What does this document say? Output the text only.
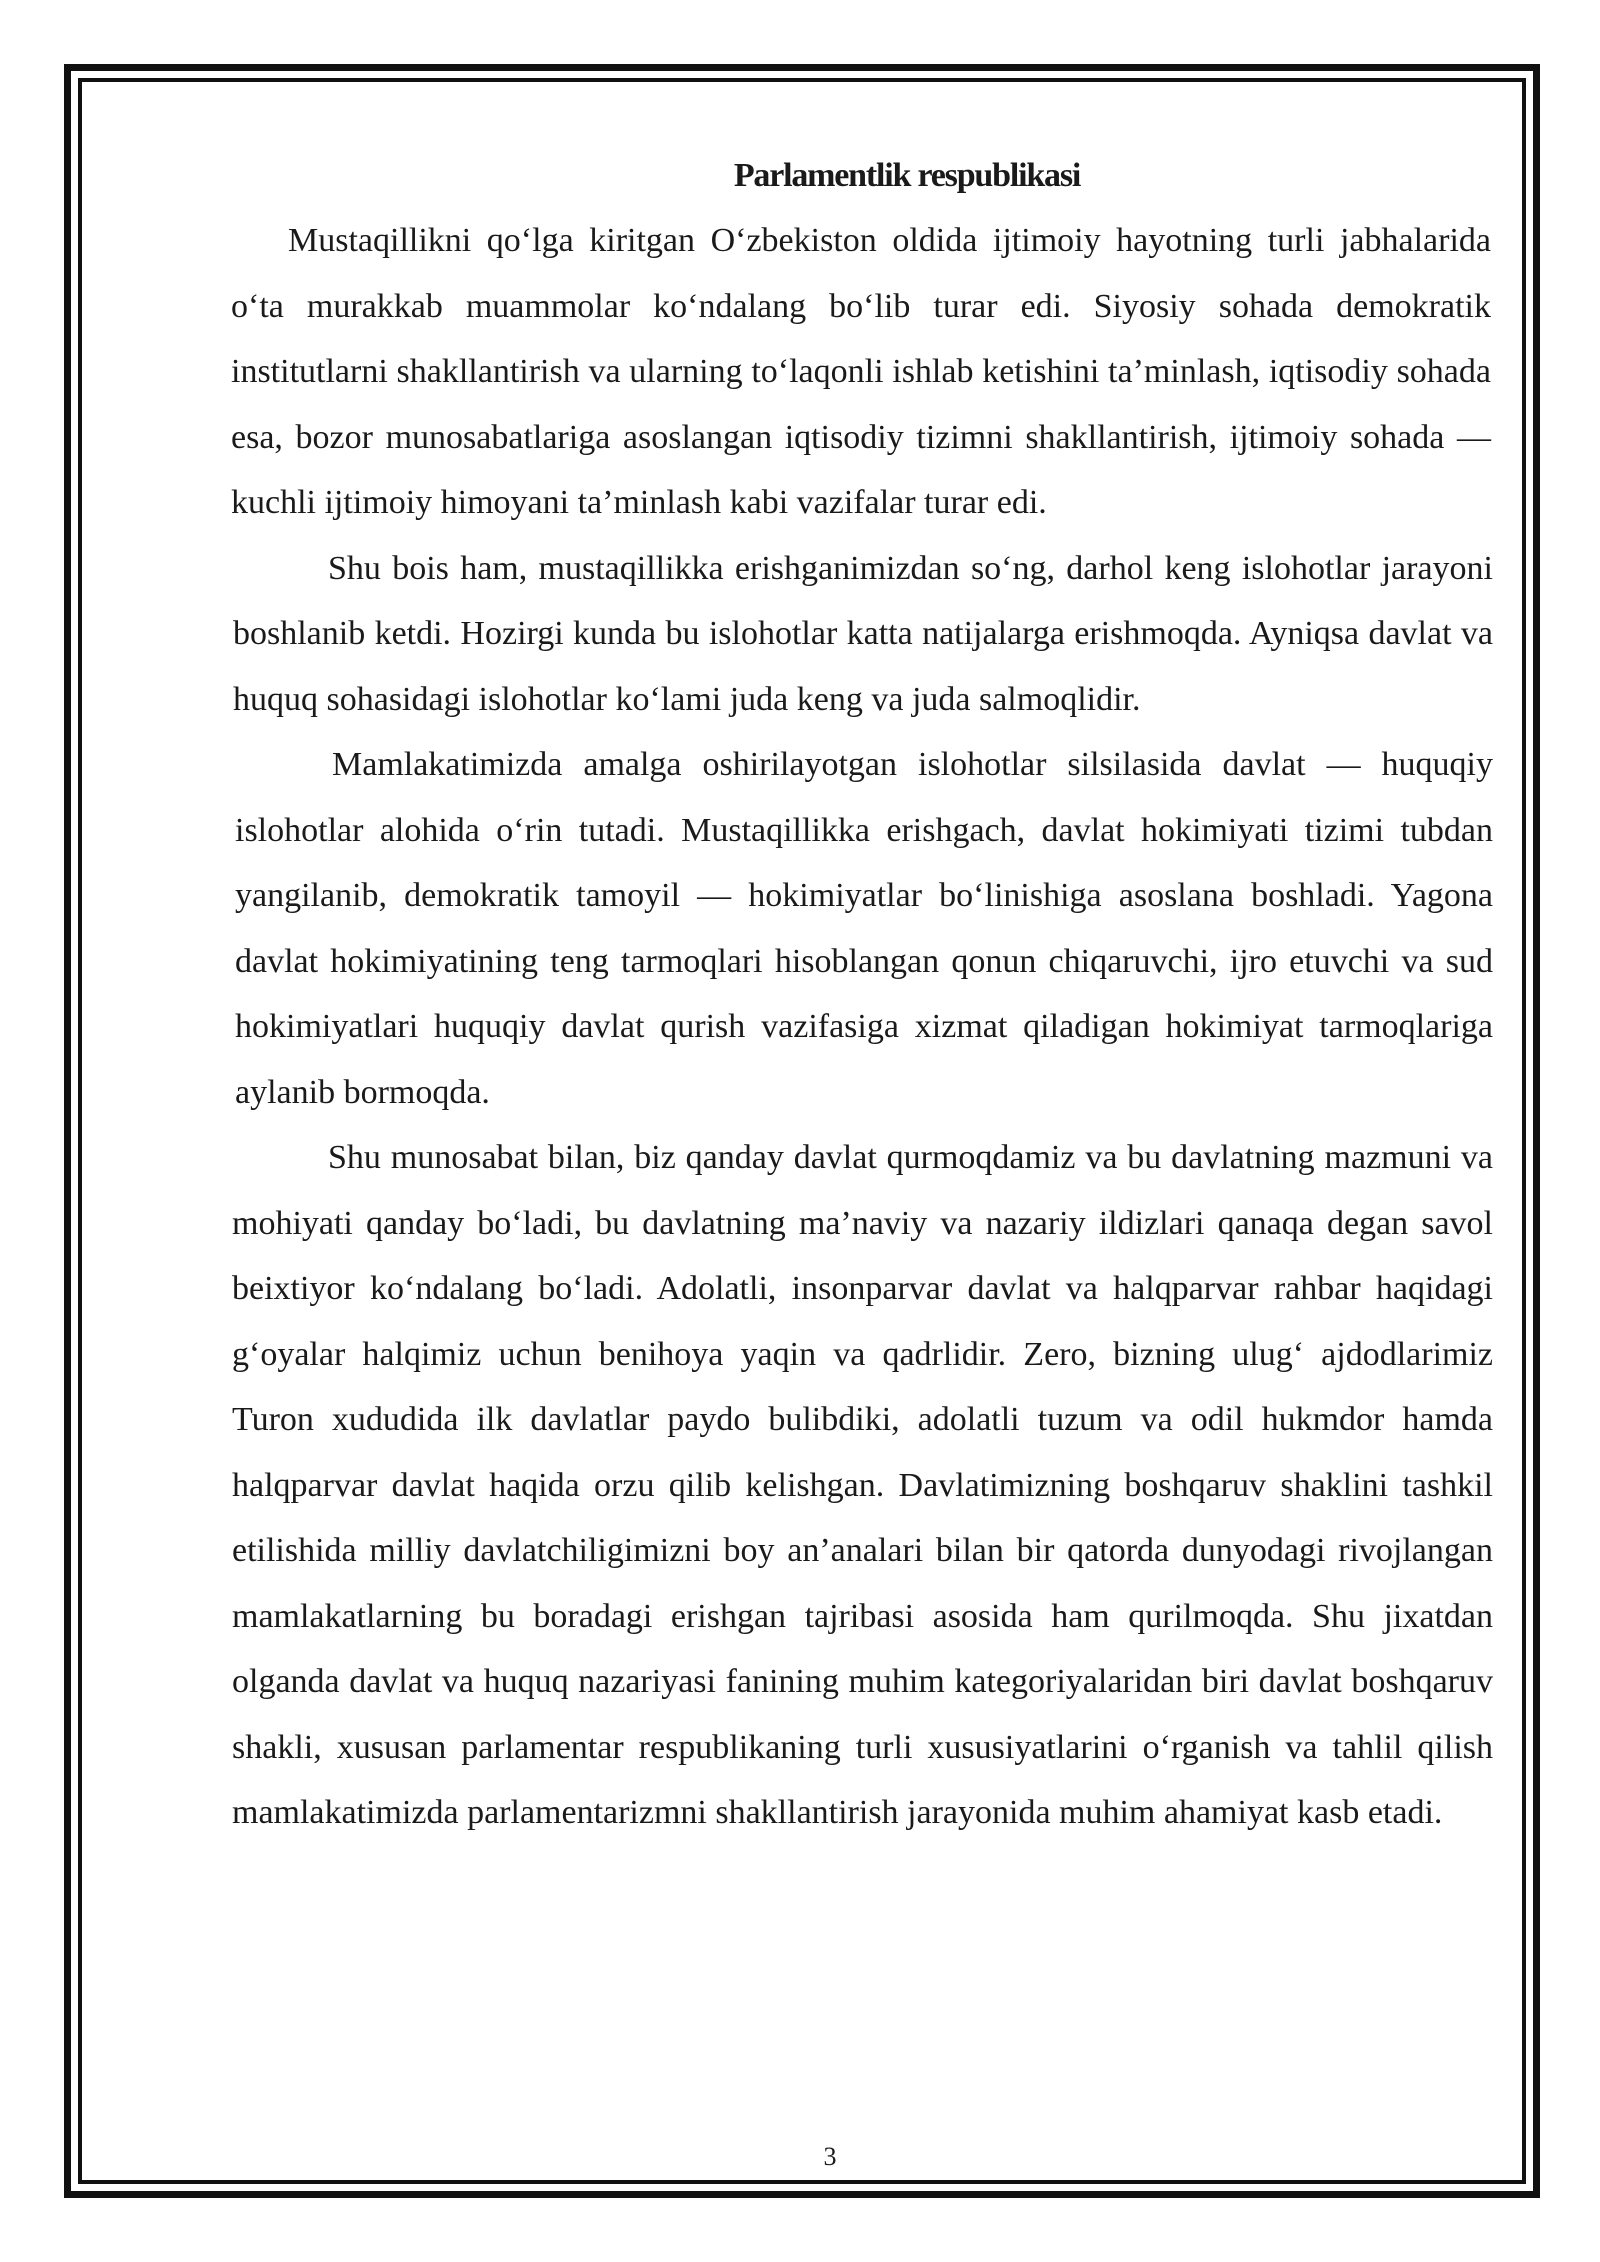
Parlamentlik respublikasi

Mustaqillikni qo‘lga kiritgan O‘zbekiston oldida ijtimoiy hayotning turli jabhalarida o‘ta murakkab muammolar ko‘ndalang bo‘lib turar edi. Siyosiy sohada demokratik institutlarni shakllantirish va ularning to‘laqonli ishlab ketishini ta’minlash, iqtisodiy sohada esa, bozor munosabatlariga asoslangan iqtisodiy tizimni shakllantirish, ijtimoiy sohada — kuchli ijtimoiy himoyani ta’minlash kabi vazifalar turar edi.

Shu bois ham, mustaqillikka erishganimizdan so‘ng, darhol keng islohotlar jarayoni boshlanib ketdi. Hozirgi kunda bu islohotlar katta natijalarga erishmoqda. Ayniqsa davlat va huquq sohasidagi islohotlar ko‘lami juda keng va juda salmoqlidir.

Mamlakatimizda amalga oshirilayotgan islohotlar silsilasida davlat — huquqiy islohotlar alohida o‘rin tutadi. Mustaqillikka erishgach, davlat hokimiyati tizimi tubdan yangilanib, demokratik tamoyil — hokimiyatlar bo‘linishiga asoslana boshladi. Yagona davlat hokimiyatining teng tarmoqlari hisoblangan qonun chiqaruvchi, ijro etuvchi va sud hokimiyatlari huquqiy davlat qurish vazifasiga xizmat qiladigan hokimiyat tarmoqlariga aylanib bormoqda.

Shu munosabat bilan, biz qanday davlat qurmoqdamiz va bu davlatning mazmuni va mohiyati qanday bo‘ladi, bu davlatning ma’naviy va nazariy ildizlari qanaqa degan savol beixtiyor ko‘ndalang bo‘ladi. Adolatli, insonparvar davlat va halqparvar rahbar haqidagi g‘oyalar halqimiz uchun benihoya yaqin va qadrlidir. Zero, bizning ulug‘ ajdodlarimiz Turon xududida ilk davlatlar paydo bulibdiki, adolatli tuzum va odil hukmdor hamda halqparvar davlat haqida orzu qilib kelishgan. Davlatimizning boshqaruv shaklini tashkil etilishida milliy davlatchiligimizni boy an’analari bilan bir qatorda dunyodagi rivojlangan mamlakatlarning bu boradagi erishgan tajribasi asosida ham qurilmoqda. Shu jixatdan olganda davlat va huquq nazariyasi fanining muhim kategoriyalaridan biri davlat boshqaruv shakli, xususan parlamentar respublikaning turli xususiyatlarini o‘rganish va tahlil qilish mamlakatimizda parlamentarizmni shakllantirish jarayonida muhim ahamiyat kasb etadi.

3
